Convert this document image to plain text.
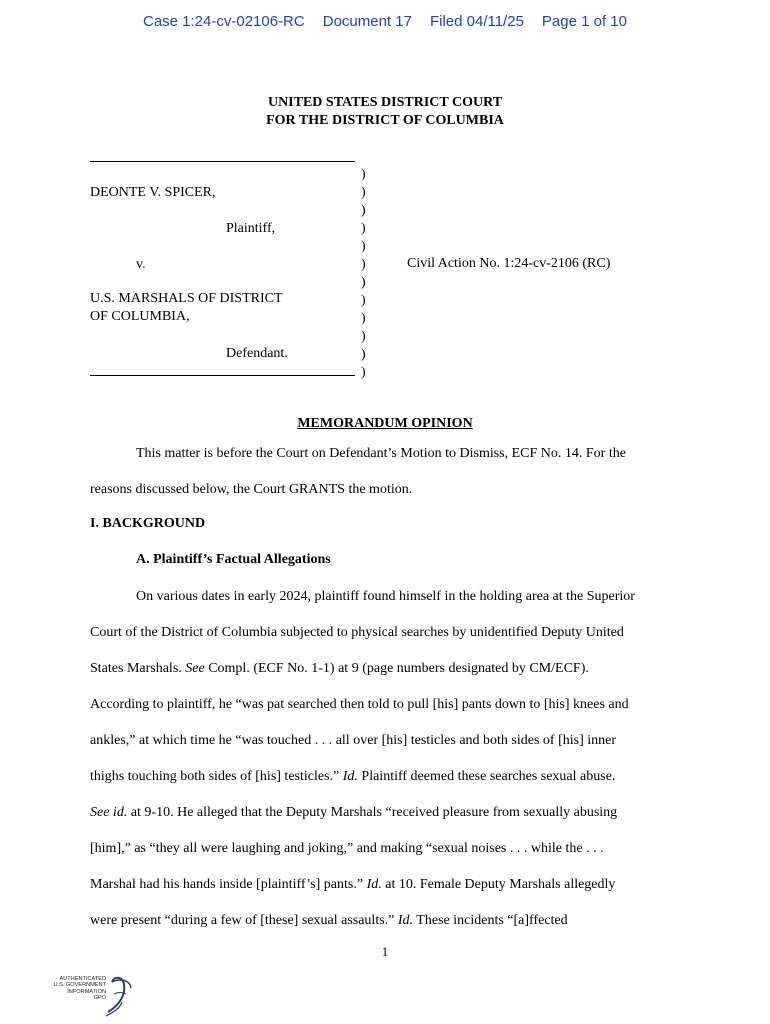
Case 1:24-cv-02106-RC Document 17 Filed 04/11/25 Page 1 of 10
UNITED STATES DISTRICT COURT
FOR THE DISTRICT OF COLUMBIA
)
)
)
)
)
)
)
)
)
)
)
)
DEONTE V. SPICER,
Plaintiff,
v.
U.S. MARSHALS OF DISTRICT
OF COLUMBIA,
Defendant.
Civil Action No. 1:24-cv-2106 (RC)
MEMORANDUM OPINION
This matter is before the Court on Defendant’s Motion to Dismiss, ECF No. 14. For the
reasons discussed below, the Court GRANTS the motion.
I. BACKGROUND
A. Plaintiff’s Factual Allegations
On various dates in early 2024, plaintiff found himself in the holding area at the Superior
Court of the District of Columbia subjected to physical searches by unidentified Deputy United
States Marshals. See Compl. (ECF No. 1-1) at 9 (page numbers designated by CM/ECF).
According to plaintiff, he “was pat searched then told to pull [his] pants down to [his] knees and
ankles,” at which time he “was touched . . . all over [his] testicles and both sides of [his] inner
thighs touching both sides of [his] testicles.” Id. Plaintiff deemed these searches sexual abuse.
See id. at 9-10. He alleged that the Deputy Marshals “received pleasure from sexually abusing
[him],” as “they all were laughing and joking,” and making “sexual noises . . . while the . . .
Marshal had his hands inside [plaintiff’s] pants.” Id. at 10. Female Deputy Marshals allegedly
were present “during a few of [these] sexual assaults.” Id. These incidents “[a]ffected
1
AUTHENTICATED
U.S. GOVERNMENT
INFORMATION
GPO
